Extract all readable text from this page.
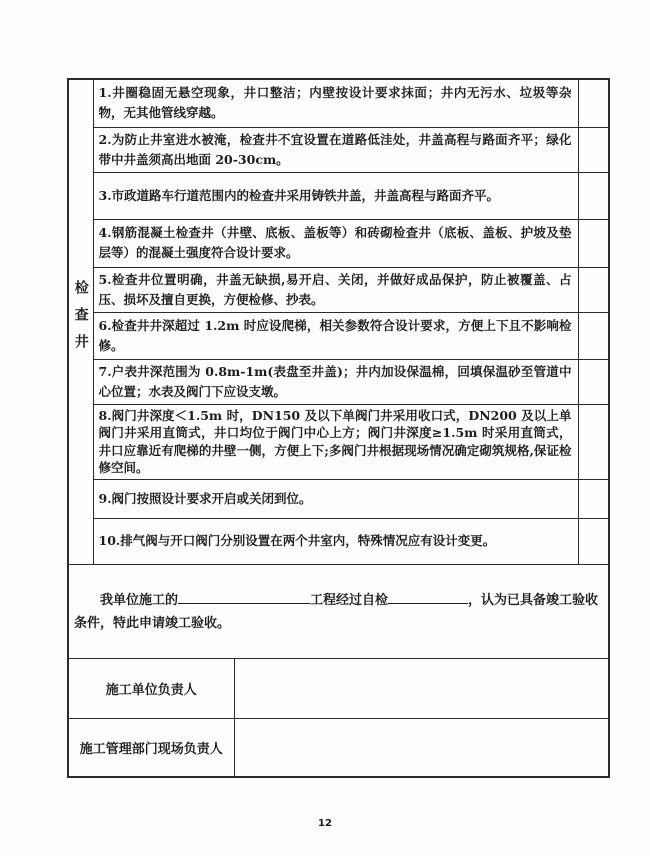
检查井	1.井圈稳固无悬空现象，井口整洁；内壁按设计要求抹面；井内无污水、垃圾等杂物，无其他管线穿越。	
	2.为防止井室进水被淹，检查井不宜设置在道路低洼处，井盖高程与路面齐平；绿化带中井盖须高出地面 20-30cm。	
	3.市政道路车行道范围内的检查井采用铸铁井盖，井盖高程与路面齐平。	
	4.钢筋混凝土检查井（井壁、底板、盖板等）和砖砌检查井（底板、盖板、护坡及垫层等）的混凝土强度符合设计要求。	
	5.检查井位置明确，井盖无缺损,易开启、关闭，并做好成品保护，防止被覆盖、占压、损坏及擅自更换，方便检修、抄表。	
	6.检查井井深超过 1.2m 时应设爬梯，相关参数符合设计要求，方便上下且不影响检修。	
	7.户表井深范围为 0.8m-1m(表盘至井盖)；井内加设保温棉，回填保温砂至管道中心位置；水表及阀门下应设支墩。	
	8.阀门井深度＜1.5m 时，DN150 及以下单阀门井采用收口式，DN200 及以上单阀门井采用直筒式，井口均位于阀门中心上方；阀门井深度≥1.5m 时采用直筒式，井口应靠近有爬梯的井壁一侧，方便上下;多阀门井根据现场情况确定砌筑规格,保证检修空间。	
	9.阀门按照设计要求开启或关闭到位。	
	10.排气阀与开口阀门分别设置在两个井室内，特殊情况应有设计变更。	

我单位施工的	工程经过自检	，认为已具备竣工验收条件，特此申请竣工验收。

施工单位负责人	
施工管理部门现场负责人	
12
